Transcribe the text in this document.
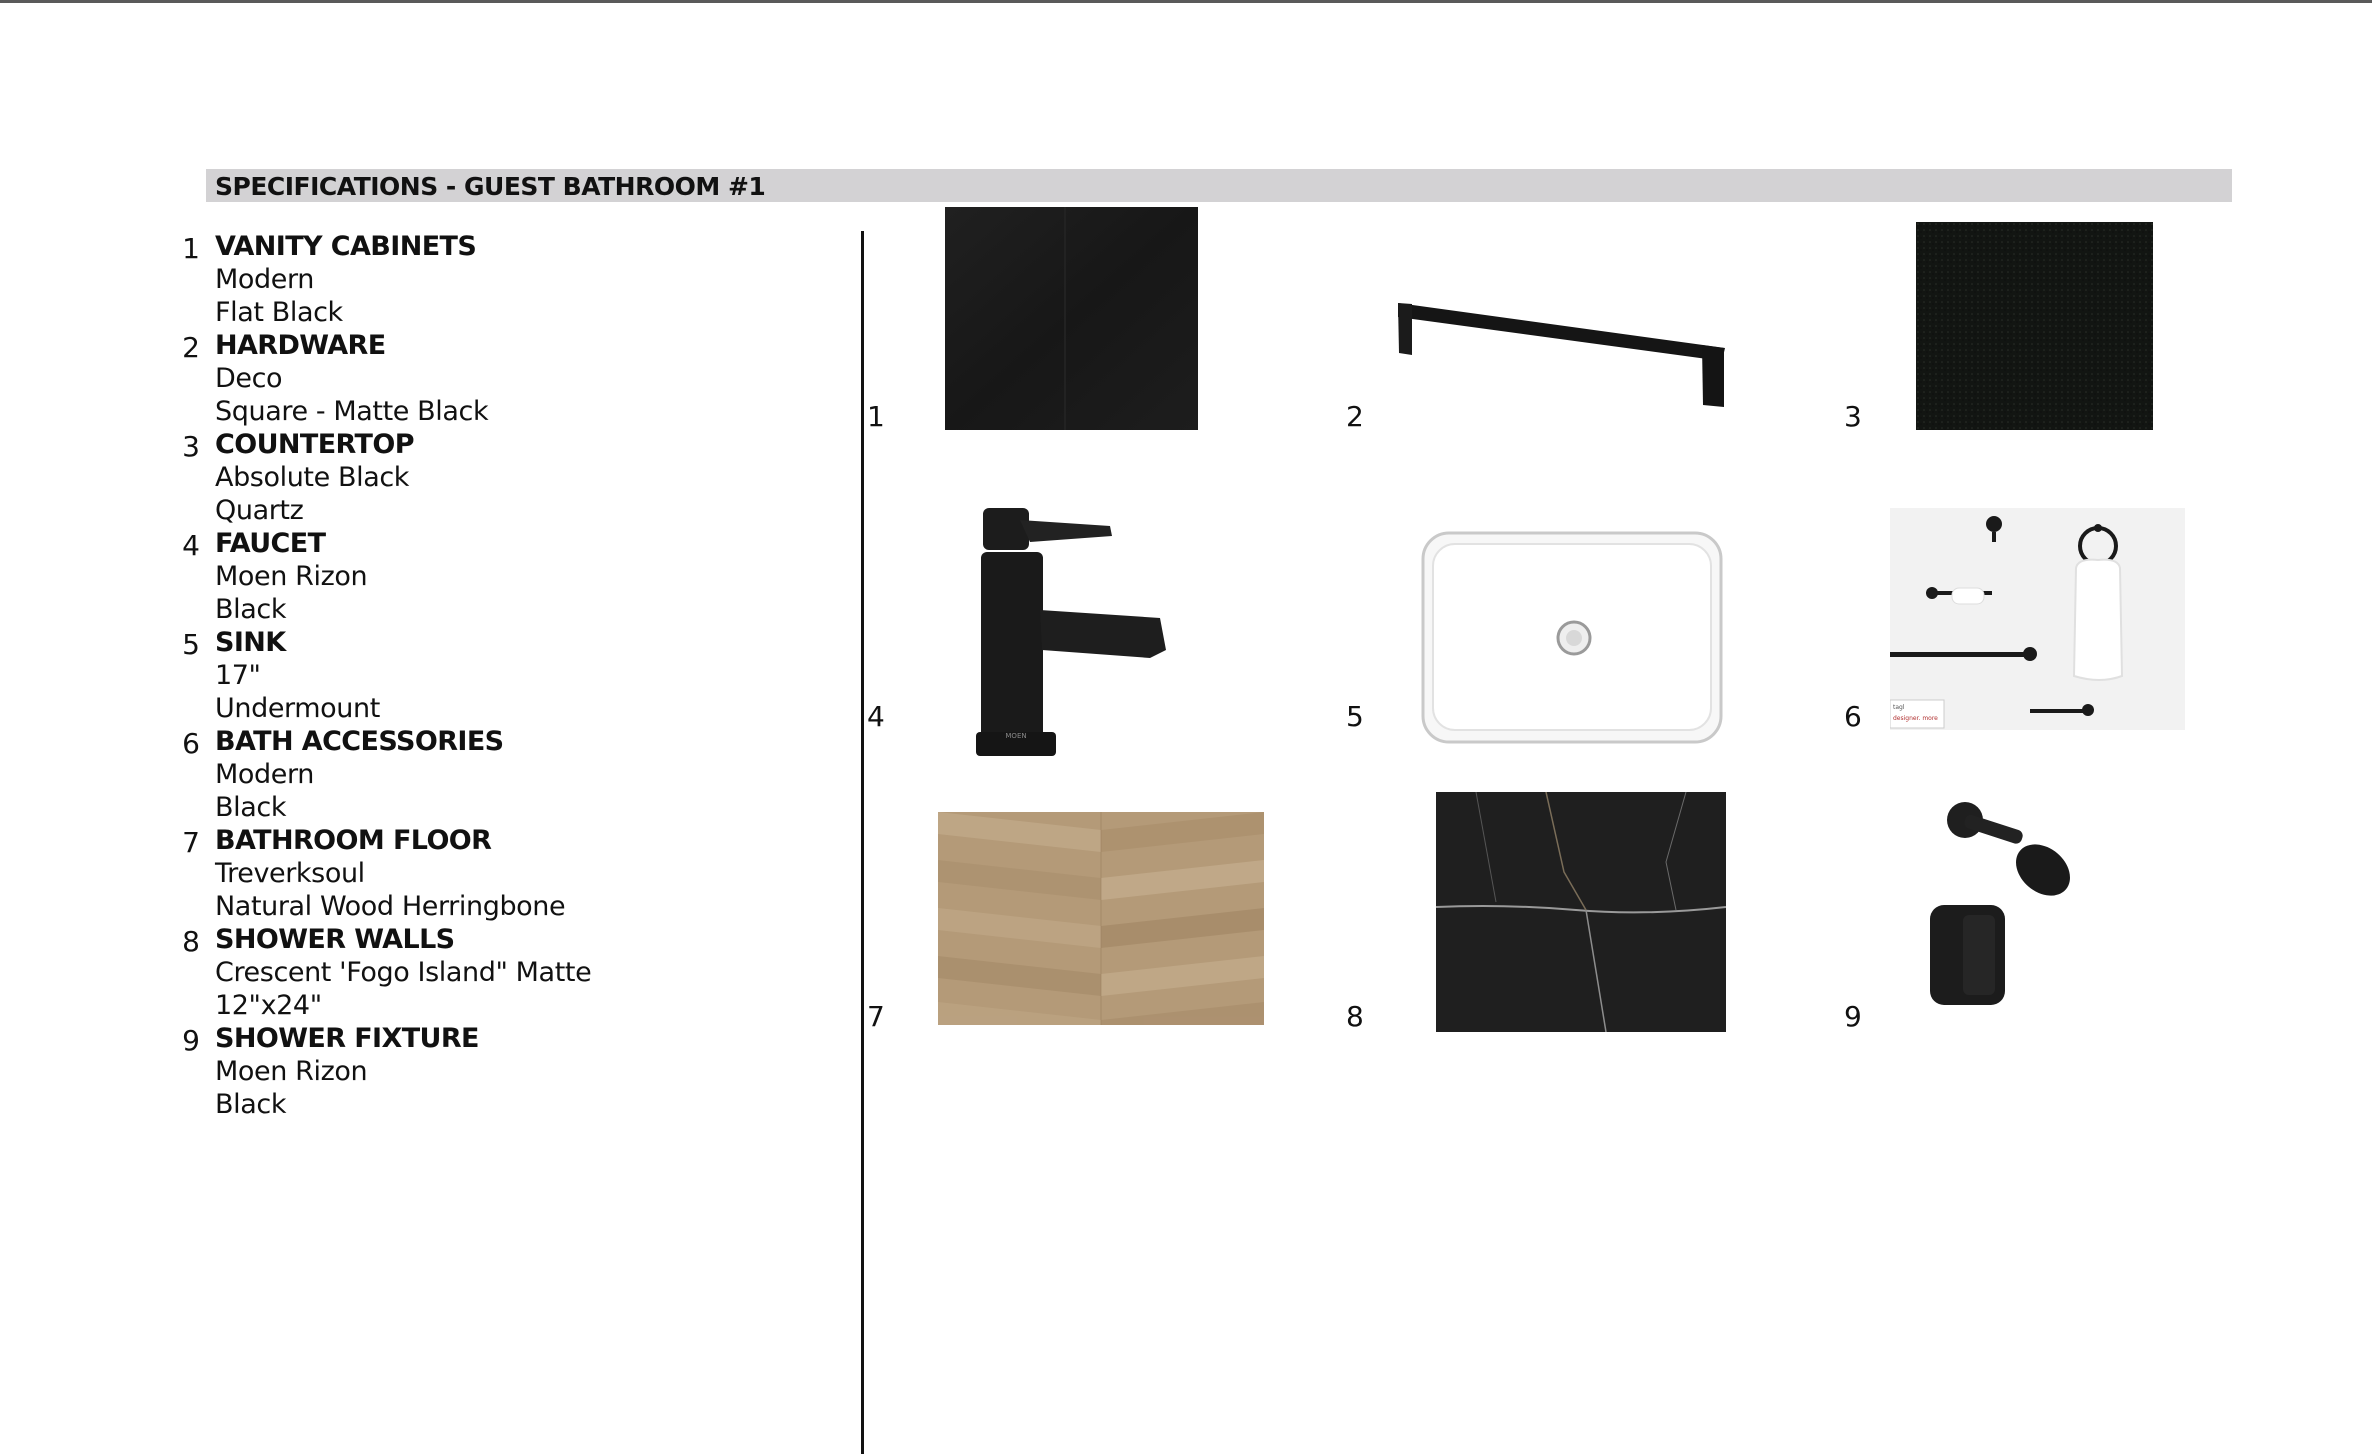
SPECIFICATIONS - GUEST BATHROOM #1
1 VANITY CABINETS
Modern
Flat Black
2 HARDWARE
Deco
Square - Matte Black
3 COUNTERTOP
Absolute Black
Quartz
4 FAUCET
Moen Rizon
Black
5 SINK
17"
Undermount
6 BATH ACCESSORIES
Modern
Black
7 BATHROOM FLOOR
Treverksoul
Natural Wood Herringbone
8 SHOWER WALLS
Crescent 'Fogo Island" Matte
12"x24"
9 SHOWER FIXTURE
Moen Rizon
Black
1	2	3
4	5	6
7	8	9
MOEN
tagl
designer. more
